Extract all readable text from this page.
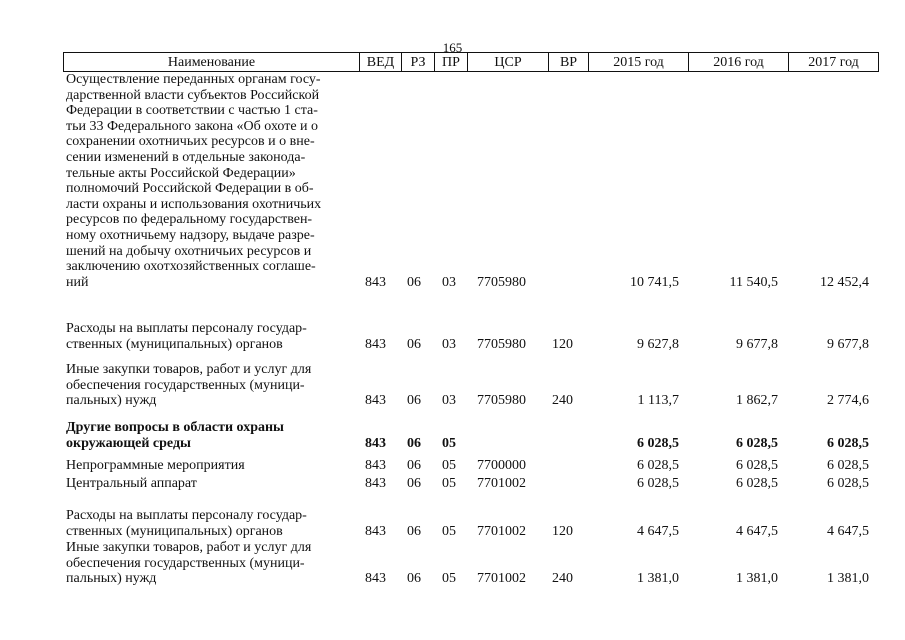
165
Наименование	ВЕД	РЗ	ПР	ЦСР	ВР	2015 год	2016 год	2017 год
Осуществление переданных органам госу-
дарственной власти субъектов Российской
Федерации в соответствии с частью 1 ста-
тьи 33 Федерального закона «Об охоте и о
сохранении охотничьих ресурсов и о вне-
сении изменений в отдельные законода-
тельные акты Российской Федерации»
полномочий Российской Федерации в об-
ласти охраны и использования охотничьих
ресурсов по федеральному государствен-
ному охотничьему надзору, выдаче разре-
шений на добычу охотничьих ресурсов и
заключению охотхозяйственных соглаше-
ний	843 06 03 7705980	10 741,5	11 540,5	12 452,4
Расходы на выплаты персоналу государ-
ственных (муниципальных) органов	843 06 03 7705980 120	9 627,8	9 677,8	9 677,8
Иные закупки товаров, работ и услуг для
обеспечения государственных (муници-
пальных) нужд	843 06 03 7705980 240	1 113,7	1 862,7	2 774,6
Другие вопросы в области охраны
окружающей среды	843 06 05	6 028,5	6 028,5	6 028,5
Непрограммные мероприятия	843 06 05 7700000	6 028,5	6 028,5	6 028,5
Центральный аппарат	843 06 05 7701002	6 028,5	6 028,5	6 028,5
Расходы на выплаты персоналу государ-
ственных (муниципальных) органов	843 06 05 7701002 120	4 647,5	4 647,5	4 647,5
Иные закупки товаров, работ и услуг для
обеспечения государственных (муници-
пальных) нужд	843 06 05 7701002 240	1 381,0	1 381,0	1 381,0
